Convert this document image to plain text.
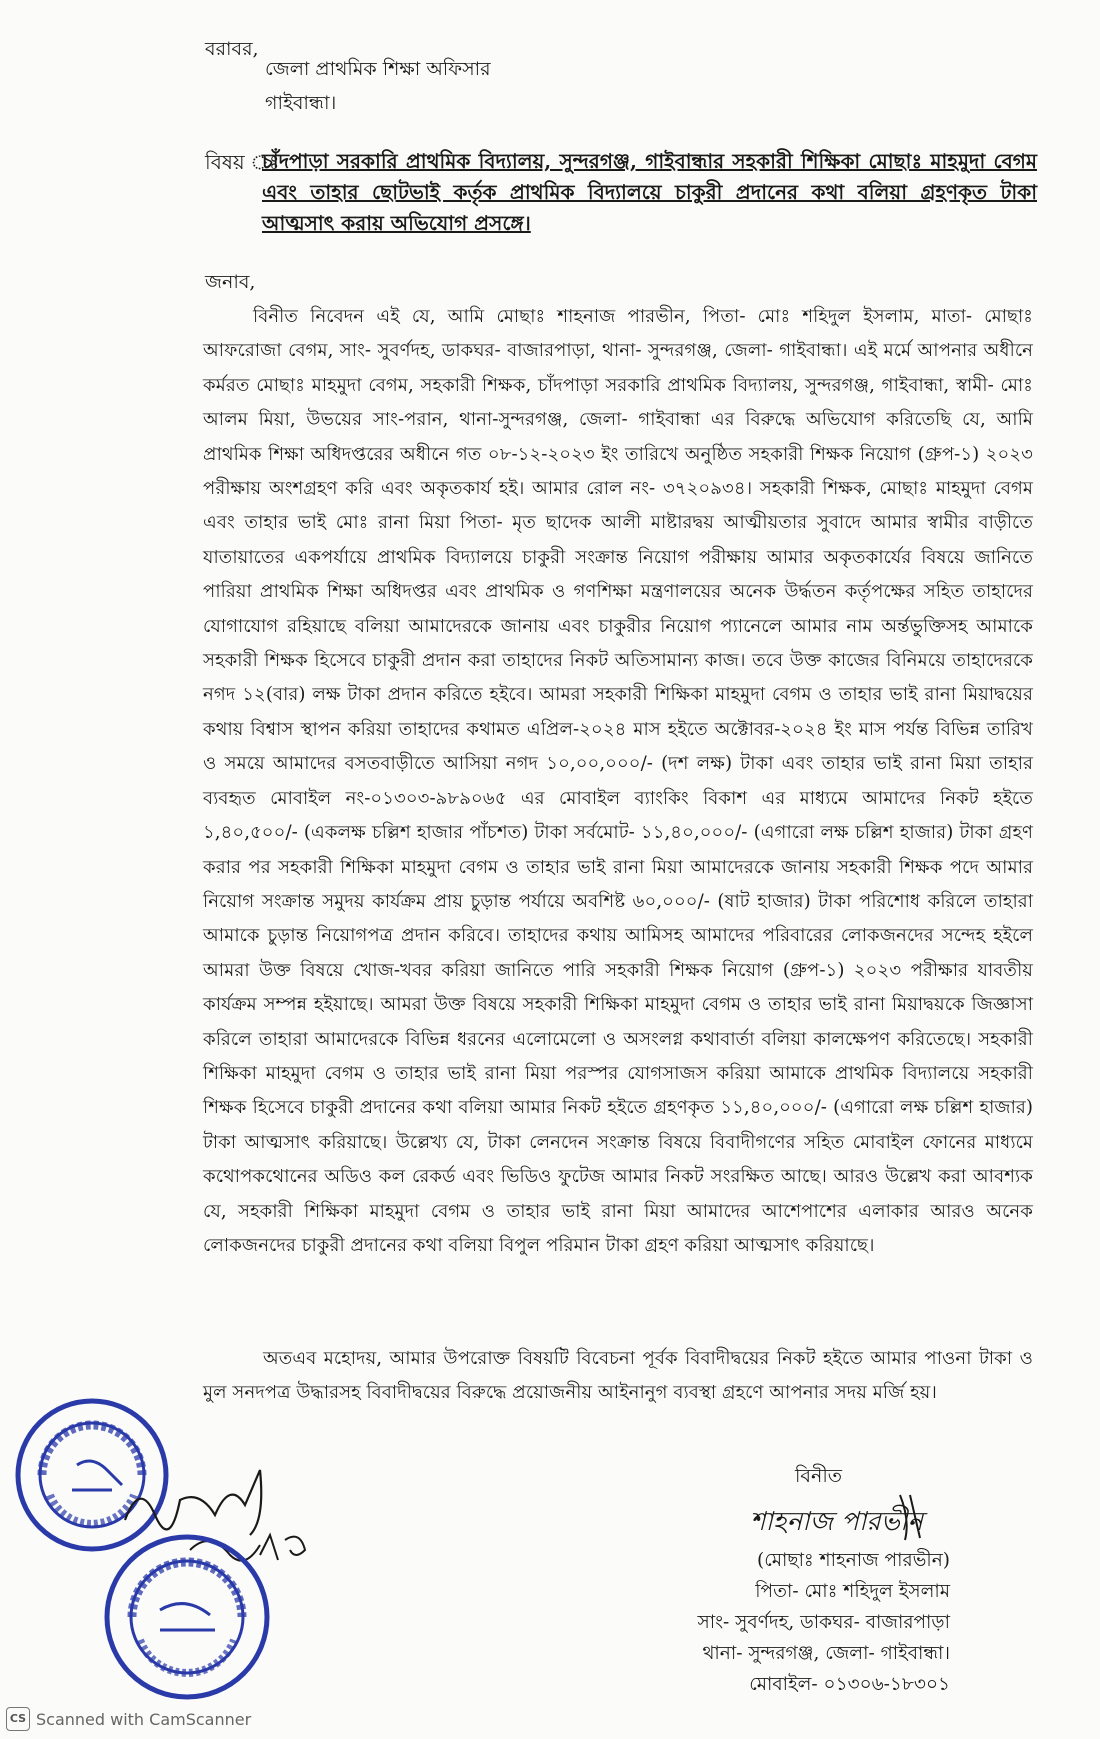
বরাবর,
জেলা প্রাথমিক শিক্ষা অফিসার
গাইবান্ধা।
বিষয় ঃ
চাঁদপাড়া সরকারি প্রাথমিক বিদ্যালয়, সুন্দরগঞ্জ, গাইবান্ধার সহকারী শিক্ষিকা মোছাঃ মাহমুদা বেগম এবং তাহার ছোটভাই কর্তৃক প্রাথমিক বিদ্যালয়ে চাকুরী প্রদানের কথা বলিয়া গ্রহণকৃত টাকা আত্মসাৎ করায় অভিযোগ প্রসঙ্গে।
জনাব,
বিনীত নিবেদন এই যে, আমি মোছাঃ শাহনাজ পারভীন, পিতা- মোঃ শহিদুল ইসলাম, মাতা- মোছাঃ আফরোজা বেগম, সাং- সুবর্ণদহ, ডাকঘর- বাজারপাড়া, থানা- সুন্দরগঞ্জ, জেলা- গাইবান্ধা। এই মর্মে আপনার অধীনে কর্মরত মোছাঃ মাহমুদা বেগম, সহকারী শিক্ষক, চাঁদপাড়া সরকারি প্রাথমিক বিদ্যালয়, সুন্দরগঞ্জ, গাইবান্ধা, স্বামী- মোঃ আলম মিয়া, উভয়ের সাং-পরান, থানা-সুন্দরগঞ্জ, জেলা- গাইবান্ধা এর বিরুদ্ধে অভিযোগ করিতেছি যে, আমি প্রাথমিক শিক্ষা অধিদপ্তরের অধীনে গত ০৮-১২-২০২৩ ইং তারিখে অনুষ্ঠিত সহকারী শিক্ষক নিয়োগ (গ্রুপ-১) ২০২৩ পরীক্ষায় অংশগ্রহণ করি এবং অকৃতকার্য হই। আমার রোল নং- ৩৭২০৯৩৪। সহকারী শিক্ষক, মোছাঃ মাহমুদা বেগম এবং তাহার ভাই মোঃ রানা মিয়া পিতা- মৃত ছাদেক আলী মাষ্টারদ্বয় আত্মীয়তার সুবাদে আমার স্বামীর বাড়ীতে যাতায়াতের একপর্যায়ে প্রাথমিক বিদ্যালয়ে চাকুরী সংক্রান্ত নিয়োগ পরীক্ষায় আমার অকৃতকার্যের বিষয়ে জানিতে পারিয়া প্রাথমিক শিক্ষা অধিদপ্তর এবং প্রাথমিক ও গণশিক্ষা মন্ত্রণালয়ের অনেক উর্দ্ধতন কর্তৃপক্ষের সহিত তাহাদের যোগাযোগ রহিয়াছে বলিয়া আমাদেরকে জানায় এবং চাকুরীর নিয়োগ প্যানেলে আমার নাম অর্ন্তভুক্তিসহ আমাকে সহকারী শিক্ষক হিসেবে চাকুরী প্রদান করা তাহাদের নিকট অতিসামান্য কাজ। তবে উক্ত কাজের বিনিময়ে তাহাদেরকে নগদ ১২(বার) লক্ষ টাকা প্রদান করিতে হইবে। আমরা সহকারী শিক্ষিকা মাহমুদা বেগম ও তাহার ভাই রানা মিয়াদ্বয়ের কথায় বিশ্বাস স্থাপন করিয়া তাহাদের কথামত এপ্রিল-২০২৪ মাস হইতে অক্টোবর-২০২৪ ইং মাস পর্যন্ত বিভিন্ন তারিখ ও সময়ে আমাদের বসতবাড়ীতে আসিয়া নগদ ১০,০০,০০০/- (দশ লক্ষ) টাকা এবং তাহার ভাই রানা মিয়া তাহার ব্যবহৃত মোবাইল নং-০১৩০৩-৯৮৯০৬৫ এর মোবাইল ব্যাংকিং বিকাশ এর মাধ্যমে আমাদের নিকট হইতে ১,৪০,৫০০/- (একলক্ষ চল্লিশ হাজার পাঁচশত) টাকা সর্বমোট- ১১,৪০,০০০/- (এগারো লক্ষ চল্লিশ হাজার) টাকা গ্রহণ করার পর সহকারী শিক্ষিকা মাহমুদা বেগম ও তাহার ভাই রানা মিয়া আমাদেরকে জানায় সহকারী শিক্ষক পদে আমার নিয়োগ সংক্রান্ত সমুদয় কার্যক্রম প্রায় চুড়ান্ত পর্যায়ে অবশিষ্ট ৬০,০০০/- (ষাট হাজার) টাকা পরিশোধ করিলে তাহারা আমাকে চুড়ান্ত নিয়োগপত্র প্রদান করিবে। তাহাদের কথায় আমিসহ আমাদের পরিবারের লোকজনদের সন্দেহ হইলে আমরা উক্ত বিষয়ে খোজ-খবর করিয়া জানিতে পারি সহকারী শিক্ষক নিয়োগ (গ্রুপ-১) ২০২৩ পরীক্ষার যাবতীয় কার্যক্রম সম্পন্ন হইয়াছে। আমরা উক্ত বিষয়ে সহকারী শিক্ষিকা মাহমুদা বেগম ও তাহার ভাই রানা মিয়াদ্বয়কে জিজ্ঞাসা করিলে তাহারা আমাদেরকে বিভিন্ন ধরনের এলোমেলো ও অসংলগ্ন কথাবার্তা বলিয়া কালক্ষেপণ করিতেছে। সহকারী শিক্ষিকা মাহমুদা বেগম ও তাহার ভাই রানা মিয়া পরস্পর যোগসাজস করিয়া আমাকে প্রাথমিক বিদ্যালয়ে সহকারী শিক্ষক হিসেবে চাকুরী প্রদানের কথা বলিয়া আমার নিকট হইতে গ্রহণকৃত ১১,৪০,০০০/- (এগারো লক্ষ চল্লিশ হাজার) টাকা আত্মসাৎ করিয়াছে। উল্লেখ্য যে, টাকা লেনদেন সংক্রান্ত বিষয়ে বিবাদীগণের সহিত মোবাইল ফোনের মাধ্যমে কথোপকথোনের অডিও কল রেকর্ড এবং ভিডিও ফুটেজ আমার নিকট সংরক্ষিত আছে। আরও উল্লেখ করা আবশ্যক যে, সহকারী শিক্ষিকা মাহমুদা বেগম ও তাহার ভাই রানা মিয়া আমাদের আশেপাশের এলাকার আরও অনেক লোকজনদের চাকুরী প্রদানের কথা বলিয়া বিপুল পরিমান টাকা গ্রহণ করিয়া আত্মসাৎ করিয়াছে।
অতএব মহোদয়, আমার উপরোক্ত বিষয়টি বিবেচনা পূর্বক বিবাদীদ্বয়ের নিকট হইতে আমার পাওনা টাকা ও মুল সনদপত্র উদ্ধারসহ বিবাদীদ্বয়ের বিরুদ্ধে প্রয়োজনীয় আইনানুগ ব্যবস্থা গ্রহণে আপনার সদয় মর্জি হয়।
বিনীত
শাহনাজ পারভীন
(মোছাঃ শাহনাজ পারভীন)
পিতা- মোঃ শহিদুল ইসলাম
সাং- সুবর্ণদহ, ডাকঘর- বাজারপাড়া
থানা- সুন্দরগঞ্জ, জেলা- গাইবান্ধা।
মোবাইল- ০১৩০৬-১৮৩০১
CS Scanned with CamScanner
